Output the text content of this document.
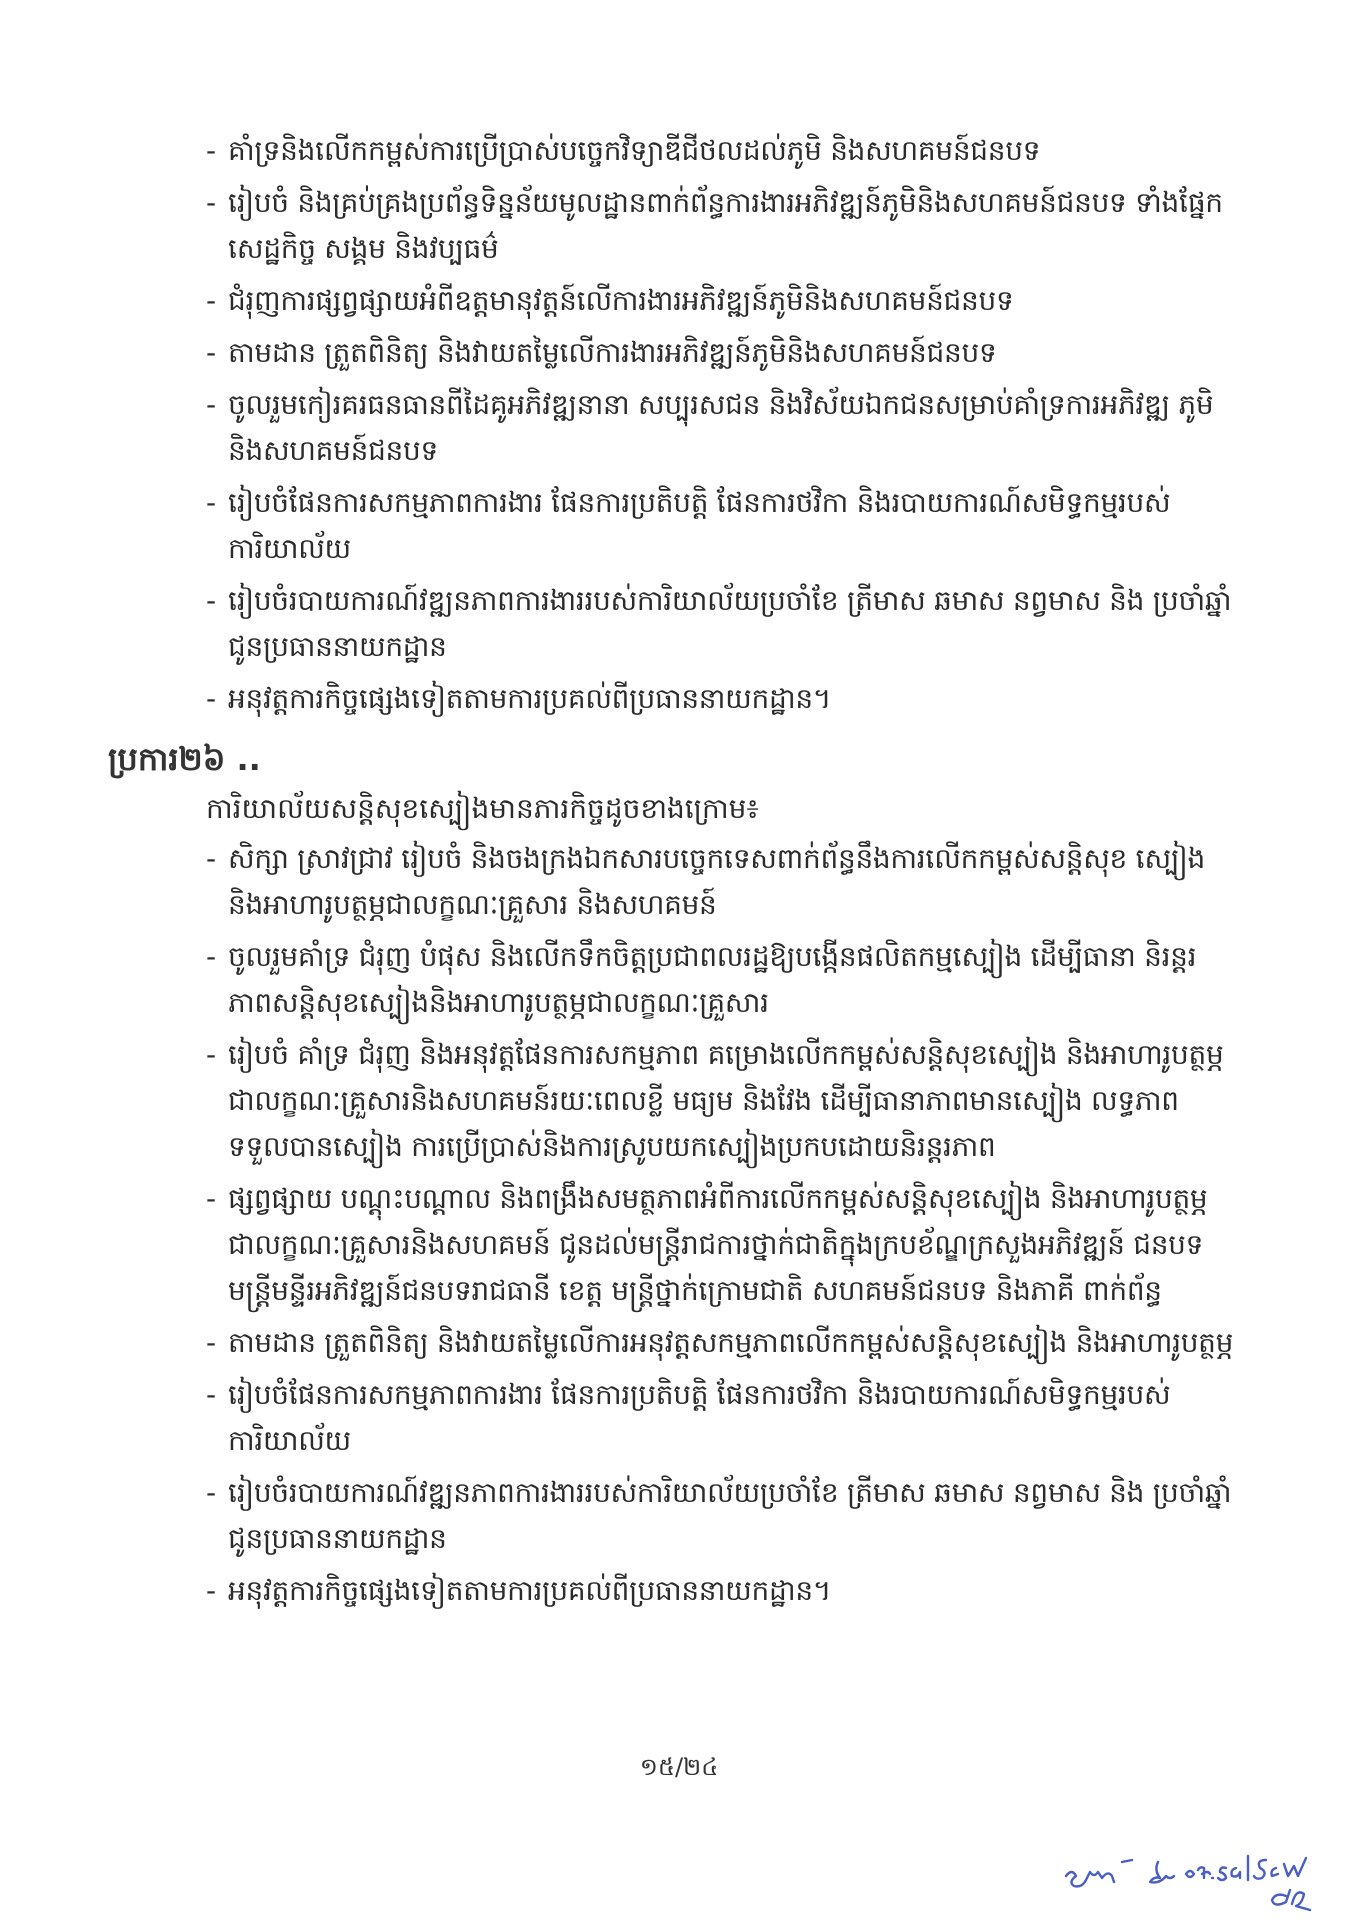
- គាំទ្រនិងលើកកម្ពស់ការប្រើប្រាស់បច្ចេកវិទ្យាឌីជីថលដល់ភូមិ និងសហគមន៍ជនបទ
- រៀបចំ និងគ្រប់គ្រងប្រព័ន្ធទិន្នន័យមូលដ្ឋានពាក់ព័ន្ធការងារអភិវឌ្ឍន៍ភូមិនិងសហគមន៍ជនបទ ទាំងផ្នែកសេដ្ឋកិច្ច សង្គម និងវប្បធម៌
- ជំរុញការផ្សព្វផ្សាយអំពីឧត្តមានុវត្តន៍លើការងារអភិវឌ្ឍន៍ភូមិនិងសហគមន៍ជនបទ
- តាមដាន ត្រួតពិនិត្យ និងវាយតម្លៃលើការងារអភិវឌ្ឍន៍ភូមិនិងសហគមន៍ជនបទ
- ចូលរួមកៀរគរធនធានពីដៃគូអភិវឌ្ឍនានា សប្បុរសជន និងវិស័យឯកជនសម្រាប់គាំទ្រការអភិវឌ្ឍ ភូមិ និងសហគមន៍ជនបទ
- រៀបចំផែនការសកម្មភាពការងារ ផែនការប្រតិបត្តិ ផែនការថវិកា និងរបាយការណ៍សមិទ្ធកម្មរបស់ ការិយាល័យ
- រៀបចំរបាយការណ៍វឌ្ឍនភាពការងាររបស់ការិយាល័យប្រចាំខែ ត្រីមាស ឆមាស នព្វមាស និង ប្រចាំឆ្នាំ ជូនប្រធាននាយកដ្ឋាន
- អនុវត្តការកិច្ចផ្សេងទៀតតាមការប្រគល់ពីប្រធាននាយកដ្ឋាន។
ប្រការ២៦ ..
ការិយាល័យសន្តិសុខស្បៀងមានភារកិច្ចដូចខាងក្រោម៖
- សិក្សា ស្រាវជ្រាវ រៀបចំ និងចងក្រងឯកសារបច្ចេកទេសពាក់ព័ន្ធនឹងការលើកកម្ពស់សន្តិសុខ ស្បៀង និងអាហារូបត្ថម្ភជាលក្ខណៈគ្រួសារ និងសហគមន៍
- ចូលរួមគាំទ្រ ជំរុញ បំផុស និងលើកទឹកចិត្តប្រជាពលរដ្ឋឱ្យបង្កើនផលិតកម្មស្បៀង ដើម្បីធានា និរន្តរភាពសន្តិសុខស្បៀងនិងអាហារូបត្ថម្ភជាលក្ខណៈគ្រួសារ
- រៀបចំ គាំទ្រ ជំរុញ និងអនុវត្តផែនការសកម្មភាព គម្រោងលើកកម្ពស់សន្តិសុខស្បៀង និងអាហារូបត្ថម្ភ ជាលក្ខណៈគ្រួសារនិងសហគមន៍រយៈពេលខ្លី មធ្យម និងវែង ដើម្បីធានាភាពមានស្បៀង លទ្ធភាព ទទួលបានស្បៀង ការប្រើប្រាស់និងការស្រូបយកស្បៀងប្រកបដោយនិរន្តរភាព
- ផ្សព្វផ្សាយ បណ្តុះបណ្តាល និងពង្រឹងសមត្ថភាពអំពីការលើកកម្ពស់សន្តិសុខស្បៀង និងអាហារូបត្ថម្ភ ជាលក្ខណៈគ្រួសារនិងសហគមន៍ ជូនដល់មន្ត្រីរាជការថ្នាក់ជាតិក្នុងក្របខ័ណ្ឌក្រសួងអភិវឌ្ឍន៍ ជនបទ មន្ត្រីមន្ទីរអភិវឌ្ឍន៍ជនបទរាជធានី ខេត្ត មន្ត្រីថ្នាក់ក្រោមជាតិ សហគមន៍ជនបទ និងភាគី ពាក់ព័ន្ធ
- តាមដាន ត្រួតពិនិត្យ និងវាយតម្លៃលើការអនុវត្តសកម្មភាពលើកកម្ពស់សន្តិសុខស្បៀង និងអាហារូបត្ថម្ភ
- រៀបចំផែនការសកម្មភាពការងារ ផែនការប្រតិបត្តិ ផែនការថវិកា និងរបាយការណ៍សមិទ្ធកម្មរបស់ ការិយាល័យ
- រៀបចំរបាយការណ៍វឌ្ឍនភាពការងាររបស់ការិយាល័យប្រចាំខែ ត្រីមាស ឆមាស នព្វមាស និង ប្រចាំឆ្នាំ ជូនប្រធាននាយកដ្ឋាន
- អនុវត្តការកិច្ចផ្សេងទៀតតាមការប្រគល់ពីប្រធាននាយកដ្ឋាន។
១៥/២៤
